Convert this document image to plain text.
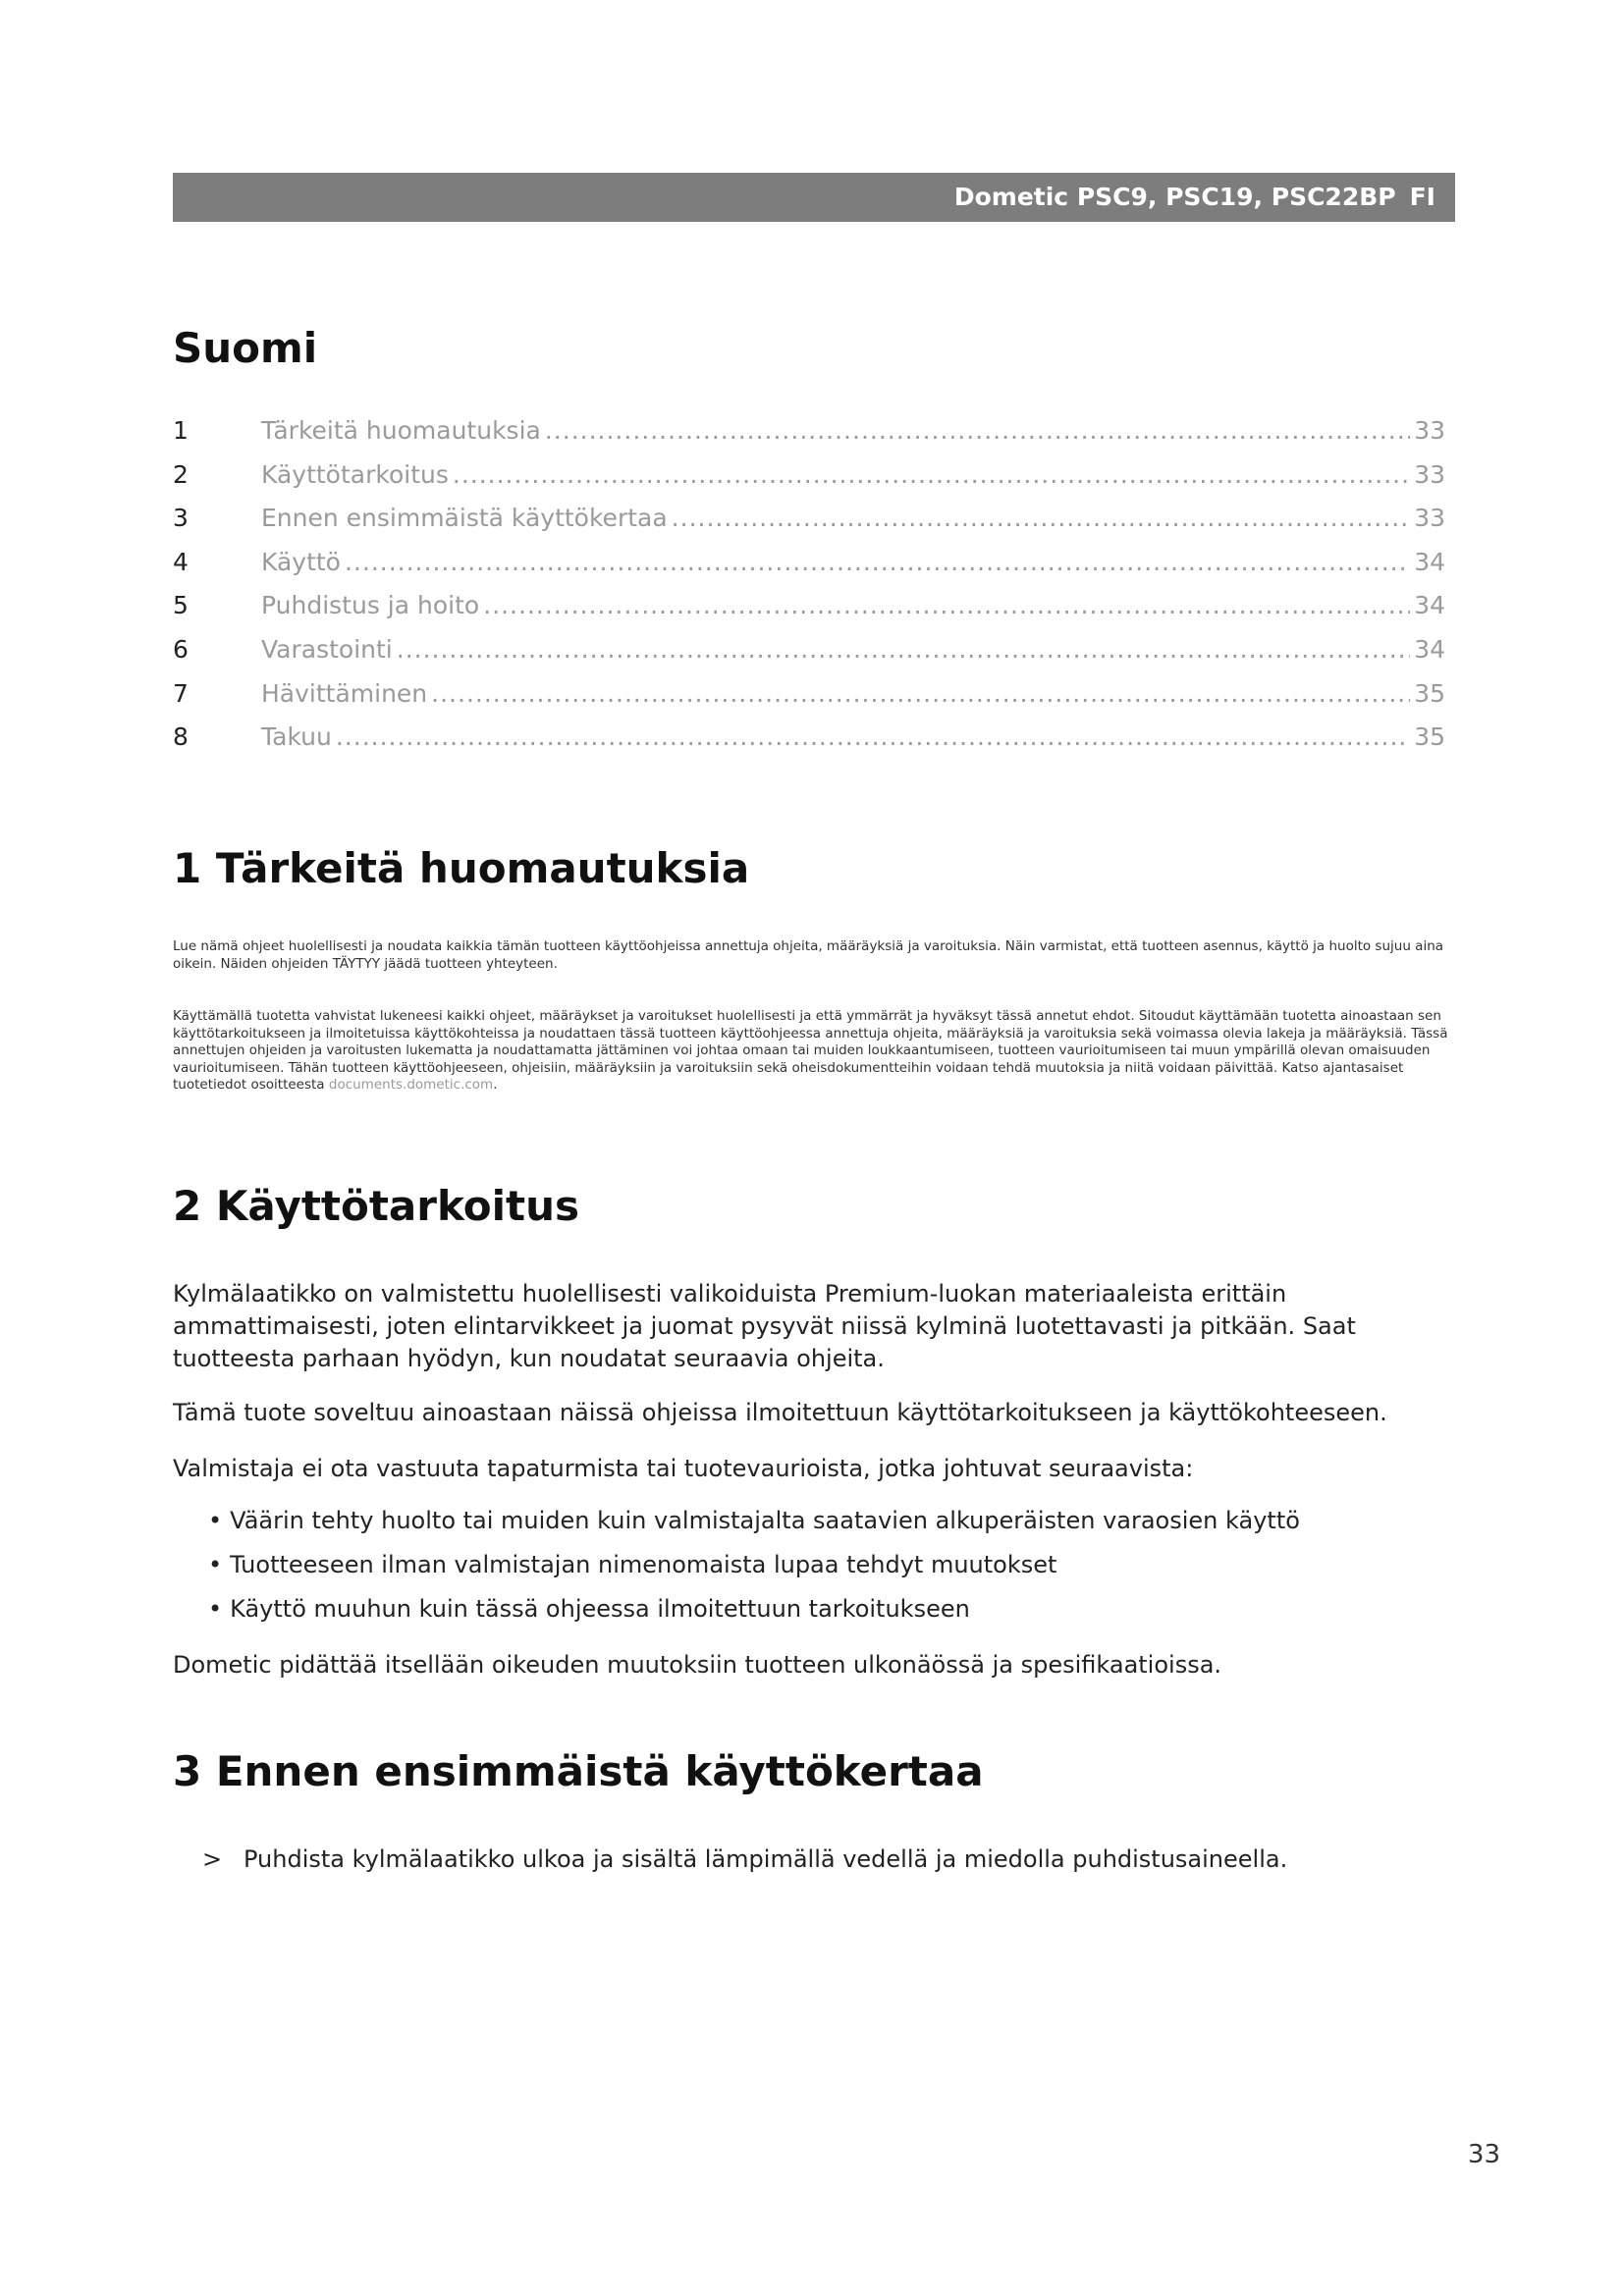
Dometic PSC9, PSC19, PSC22BP FI
Suomi
1	Tärkeitä huomautuksia .....	33
2	Käyttötarkoitus .....	33
3	Ennen ensimmäistä käyttökertaa .....	33
4	Käyttö .....	34
5	Puhdistus ja hoito .....	34
6	Varastointi .....	34
7	Hävittäminen .....	35
8	Takuu .....	35
1 Tärkeitä huomautuksia

Lue nämä ohjeet huolellisesti ja noudata kaikkia tämän tuotteen käyttöohjeissa annettuja ohjeita, määräyksiä ja varoituksia. Näin varmistat, että tuotteen asennus, käyttö ja huolto sujuu aina oikein. Näiden ohjeiden TÄYTYY jäädä tuotteen yhteyteen.

Käyttämällä tuotetta vahvistat lukeneesi kaikki ohjeet, määräykset ja varoitukset huolellisesti ja että ymmärrät ja hyväksyt tässä annetut ehdot. Sitoudut käyttämään tuotetta ainoastaan sen käyttötarkoitukseen ja ilmoitetuissa käyttökohteissa ja noudattaen tässä tuotteen käyttöohjeessa annettuja ohjeita, määräyksiä ja varoituksia sekä voimassa olevia lakeja ja määräyksiä. Tässä annettujen ohjeiden ja varoitusten lukematta ja noudattamatta jättäminen voi johtaa omaan tai muiden loukkaantumiseen, tuotteen vaurioitumiseen tai muun ympärillä olevan omaisuuden vaurioitumiseen. Tähän tuotteen käyttöohjeeseen, ohjeisiin, määräyksiin ja varoituksiin sekä oheisdokumentteihin voidaan tehdä muutoksia ja niitä voidaan päivittää. Katso ajantasaiset tuotetiedot osoitteesta documents.dometic.com.

2 Käyttötarkoitus

Kylmälaatikko on valmistettu huolellisesti valikoiduista Premium-luokan materiaaleista erittäin ammattimaisesti, joten elintarvikkeet ja juomat pysyvät niissä kylminä luotettavasti ja pitkään. Saat tuotteesta parhaan hyödyn, kun noudatat seuraavia ohjeita.

Tämä tuote soveltuu ainoastaan näissä ohjeissa ilmoitettuun käyttötarkoitukseen ja käyttökohteeseen.

Valmistaja ei ota vastuuta tapaturmista tai tuotevaurioista, jotka johtuvat seuraavista:

• Väärin tehty huolto tai muiden kuin valmistajalta saatavien alkuperäisten varaosien käyttö
• Tuotteeseen ilman valmistajan nimenomaista lupaa tehdyt muutokset
• Käyttö muuhun kuin tässä ohjeessa ilmoitettuun tarkoitukseen

Dometic pidättää itsellään oikeuden muutoksiin tuotteen ulkonäössä ja spesifikaatioissa.

3 Ennen ensimmäistä käyttökertaa
> Puhdista kylmälaatikko ulkoa ja sisältä lämpimällä vedellä ja miedolla puhdistusaineella.
33
